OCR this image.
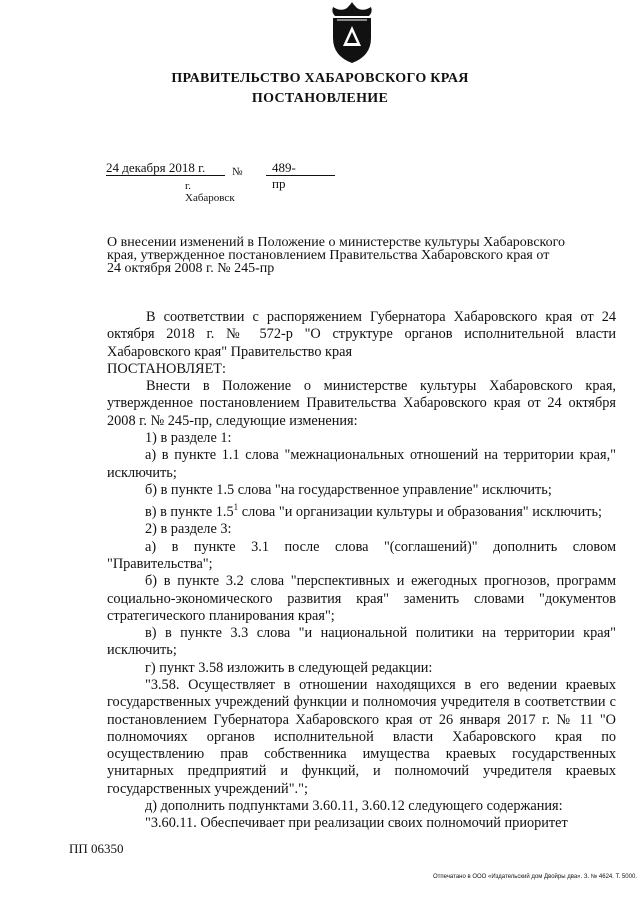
ПРАВИТЕЛЬСТВО ХАБАРОВСКОГО КРАЯ
ПОСТАНОВЛЕНИЕ
24 декабря 2018 г. № 489-пр
г. Хабаровск
О внесении изменений в Положение о министерстве культуры Хабаровского
края, утвержденное постановлением Правительства Хабаровского края от
24 октября 2008 г. № 245-пр

В соответствии с распоряжением Губернатора Хабаровского края от 24 октября 2018 г. № 572-р "О структуре органов исполнительной власти Хабаровского края" Правительство края

ПОСТАНОВЛЯЕТ:

Внести в Положение о министерстве культуры Хабаровского края, утвержденное постановлением Правительства Хабаровского края от 24 октября 2008 г. № 245-пр, следующие изменения:

1) в разделе 1:

а) в пункте 1.1 слова "межнациональных отношений на территории края," исключить;

б) в пункте 1.5 слова "на государственное управление" исключить;

в) в пункте $1.5^1$ слова "и организации культуры и образования" исключить;

2) в разделе 3:

а) в пункте 3.1 после слова "(соглашений)" дополнить словом "Правительства";

б) в пункте 3.2 слова "перспективных и ежегодных прогнозов, программ социально-экономического развития края" заменить словами "документов стратегического планирования края";

в) в пункте 3.3 слова "и национальной политики на территории края" исключить;

г) пункт 3.58 изложить в следующей редакции:

"3.58. Осуществляет в отношении находящихся в его ведении краевых государственных учреждений функции и полномочия учредителя в соответствии с постановлением Губернатора Хабаровского края от 26 января 2017 г. № 11 "О полномочиях органов исполнительной власти Хабаровского края по осуществлению прав собственника имущества краевых государственных унитарных предприятий и функций, и полномочий учредителя краевых государственных учреждений".";

д) дополнить подпунктами 3.60.11, 3.60.12 следующего содержания:

"3.60.11. Обеспечивает при реализации своих полномочий приоритет

ПП 06350
Отпечатано в ООО «Издательский дом Двойры два». З. № 4624. Т. 5000.
